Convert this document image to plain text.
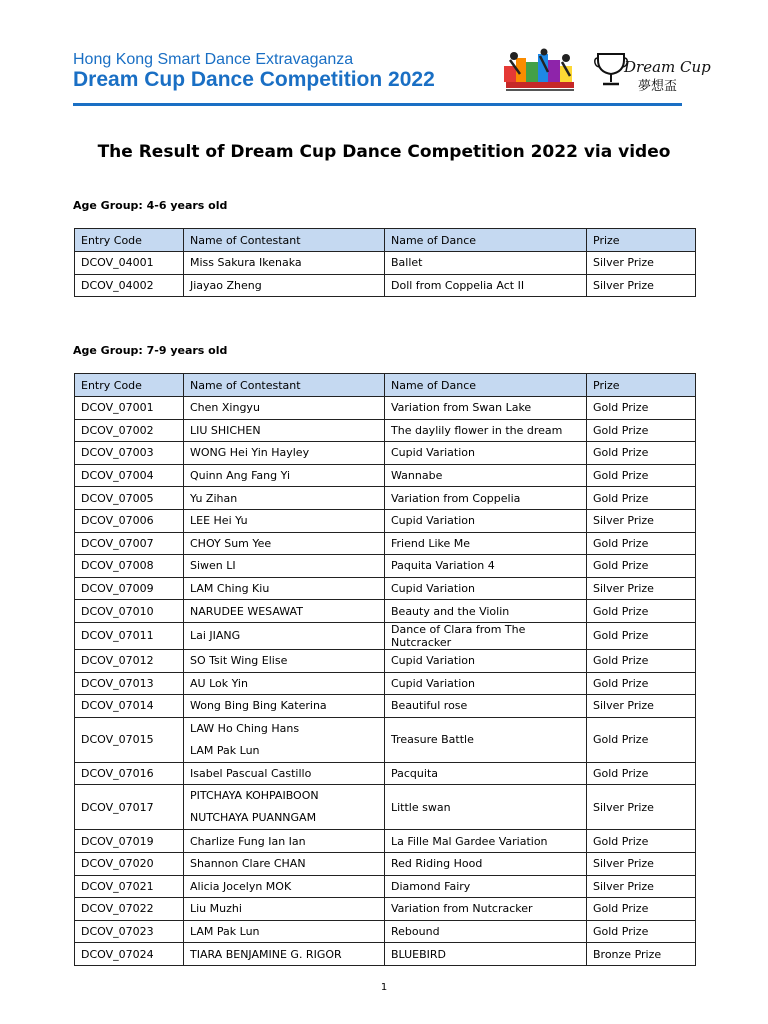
Hong Kong Smart Dance Extravaganza
Dream Cup Dance Competition 2022
Dream Cup
夢想盃
The Result of Dream Cup Dance Competition 2022 via video
Age Group: 4-6 years old
Entry Code	Name of Contestant	Name of Dance	Prize
DCOV_04001	Miss Sakura Ikenaka	Ballet	Silver Prize
DCOV_04002	Jiayao Zheng	Doll from Coppelia Act II	Silver Prize
Age Group: 7-9 years old
Entry Code	Name of Contestant	Name of Dance	Prize
DCOV_07001	Chen Xingyu	Variation from Swan Lake	Gold Prize
DCOV_07002	LIU SHICHEN	The daylily flower in the dream	Gold Prize
DCOV_07003	WONG Hei Yin Hayley	Cupid Variation	Gold Prize
DCOV_07004	Quinn Ang Fang Yi	Wannabe	Gold Prize
DCOV_07005	Yu Zihan	Variation from Coppelia	Gold Prize
DCOV_07006	LEE Hei Yu	Cupid Variation	Silver Prize
DCOV_07007	CHOY Sum Yee	Friend Like Me	Gold Prize
DCOV_07008	Siwen LI	Paquita Variation 4	Gold Prize
DCOV_07009	LAM Ching Kiu	Cupid Variation	Silver Prize
DCOV_07010	NARUDEE WESAWAT	Beauty and the Violin	Gold Prize
DCOV_07011	Lai JIANG	Dance of Clara from The Nutcracker	Gold Prize
DCOV_07012	SO Tsit Wing Elise	Cupid Variation	Gold Prize
DCOV_07013	AU Lok Yin	Cupid Variation	Gold Prize
DCOV_07014	Wong Bing Bing Katerina	Beautiful rose	Silver Prize
DCOV_07015	LAW Ho Ching Hans
LAM Pak Lun	Treasure Battle	Gold Prize
DCOV_07016	Isabel Pascual Castillo	Pacquita	Gold Prize
DCOV_07017	PITCHAYA KOHPAIBOON
NUTCHAYA PUANNGAM	Little swan	Silver Prize
DCOV_07019	Charlize Fung Ian Ian	La Fille Mal Gardee Variation	Gold Prize
DCOV_07020	Shannon Clare CHAN	Red Riding Hood	Silver Prize
DCOV_07021	Alicia Jocelyn MOK	Diamond Fairy	Silver Prize
DCOV_07022	Liu Muzhi	Variation from Nutcracker	Gold Prize
DCOV_07023	LAM Pak Lun	Rebound	Gold Prize
DCOV_07024	TIARA BENJAMINE G. RIGOR	BLUEBIRD	Bronze Prize
1
